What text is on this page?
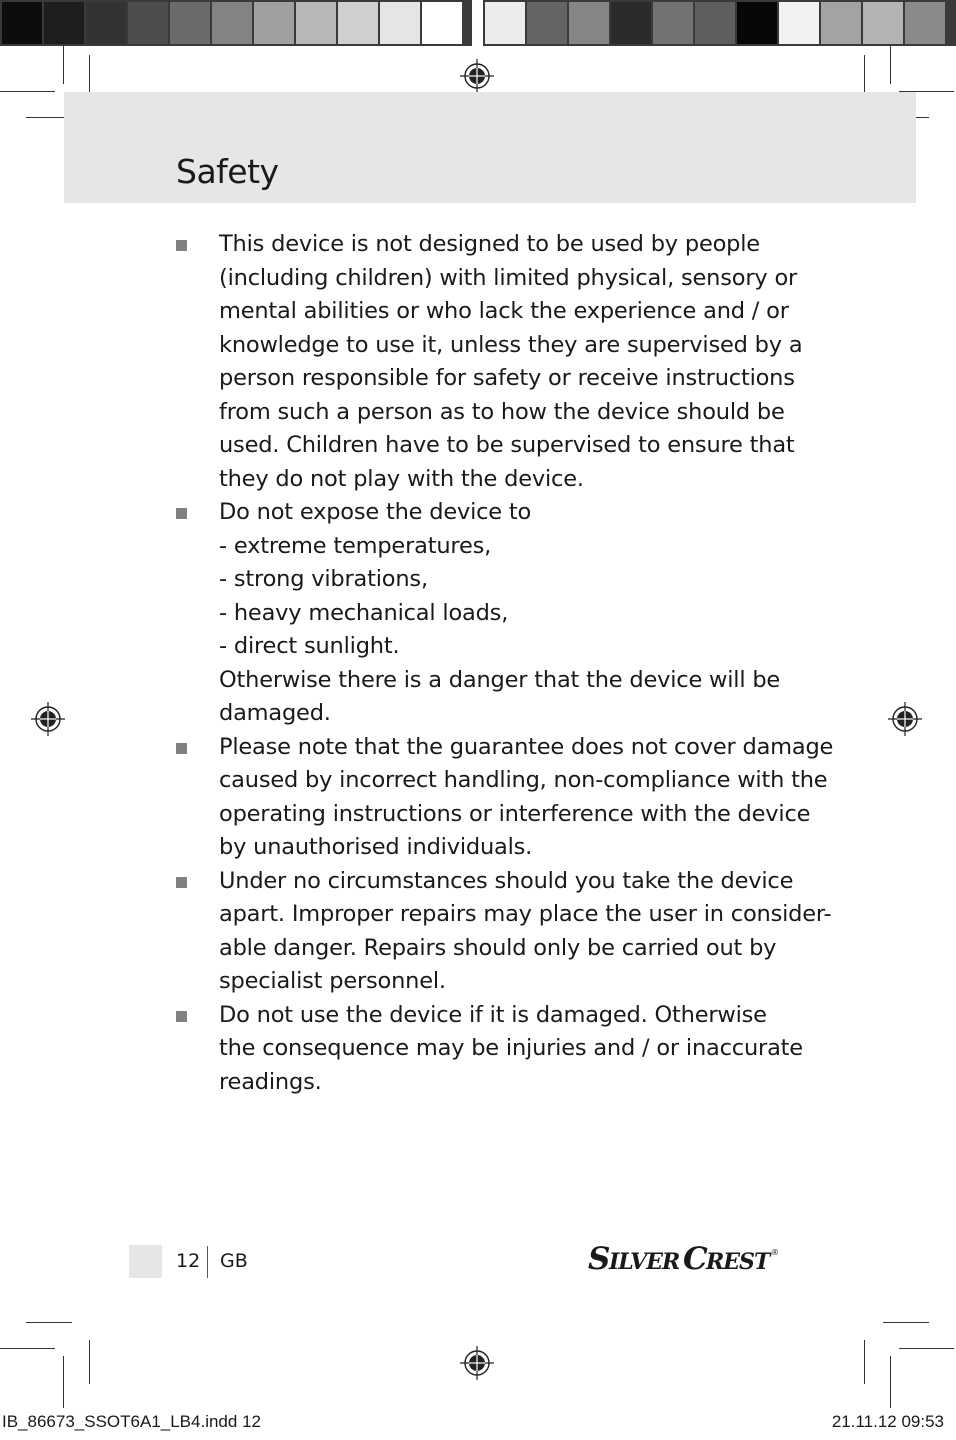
Safety
This device is not designed to be used by people
(including children) with limited physical, sensory or
mental abilities or who lack the experience and / or
knowledge to use it, unless they are supervised by a
person responsible for safety or receive instructions
from such a person as to how the device should be
used. Children have to be supervised to ensure that
they do not play with the device.
Do not expose the device to
- extreme temperatures,
- strong vibrations,
- heavy mechanical loads,
- direct sunlight.
Otherwise there is a danger that the device will be
damaged.
Please note that the guarantee does not cover damage
caused by incorrect handling, non-compliance with the
operating instructions or interference with the device
by unauthorised individuals.
Under no circumstances should you take the device
apart. Improper repairs may place the user in consider-
able danger. Repairs should only be carried out by
specialist personnel.
Do not use the device if it is damaged. Otherwise
the consequence may be injuries and / or inaccurate
readings.
12 GB	S ILVER C REST ®
IB_86673_SSOT6A1_LB4.indd 12	21.11.12 09:53
